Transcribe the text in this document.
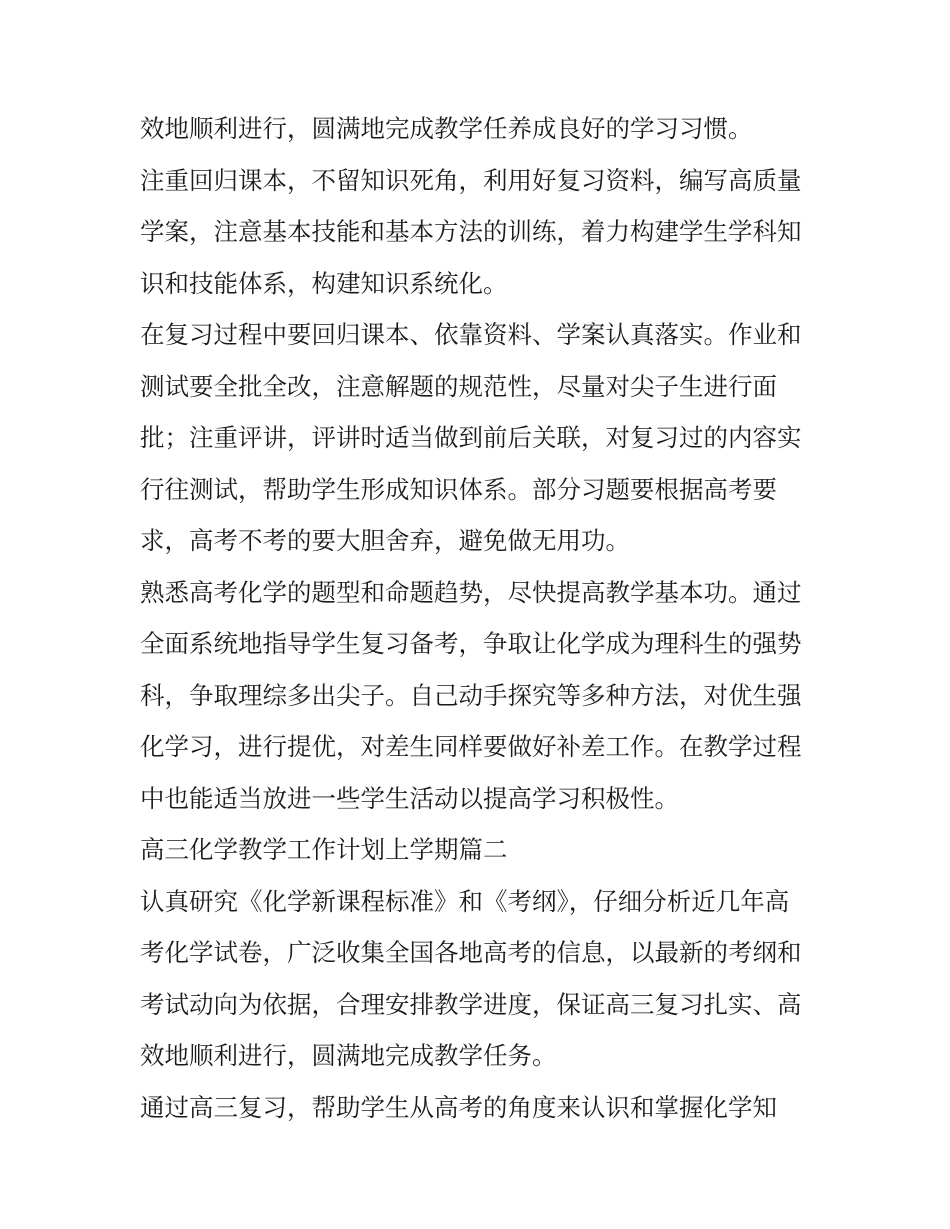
效地顺利进行，圆满地完成教学任养成良好的学习习惯。
注重回归课本，不留知识死角，利用好复习资料，编写高质量
学案，注意基本技能和基本方法的训练，着力构建学生学科知
识和技能体系，构建知识系统化。
在复习过程中要回归课本、依靠资料、学案认真落实。作业和
测试要全批全改，注意解题的规范性，尽量对尖子生进行面
批；注重评讲，评讲时适当做到前后关联，对复习过的内容实
行往测试，帮助学生形成知识体系。部分习题要根据高考要
求，高考不考的要大胆舍弃，避免做无用功。
熟悉高考化学的题型和命题趋势，尽快提高教学基本功。通过
全面系统地指导学生复习备考，争取让化学成为理科生的强势
科，争取理综多出尖子。自己动手探究等多种方法，对优生强
化学习，进行提优，对差生同样要做好补差工作。在教学过程
中也能适当放进一些学生活动以提高学习积极性。
高三化学教学工作计划上学期篇二
认真研究《化学新课程标准》和《考纲》，仔细分析近几年高
考化学试卷，广泛收集全国各地高考的信息，以最新的考纲和
考试动向为依据，合理安排教学进度，保证高三复习扎实、高
效地顺利进行，圆满地完成教学任务。
通过高三复习，帮助学生从高考的角度来认识和掌握化学知
